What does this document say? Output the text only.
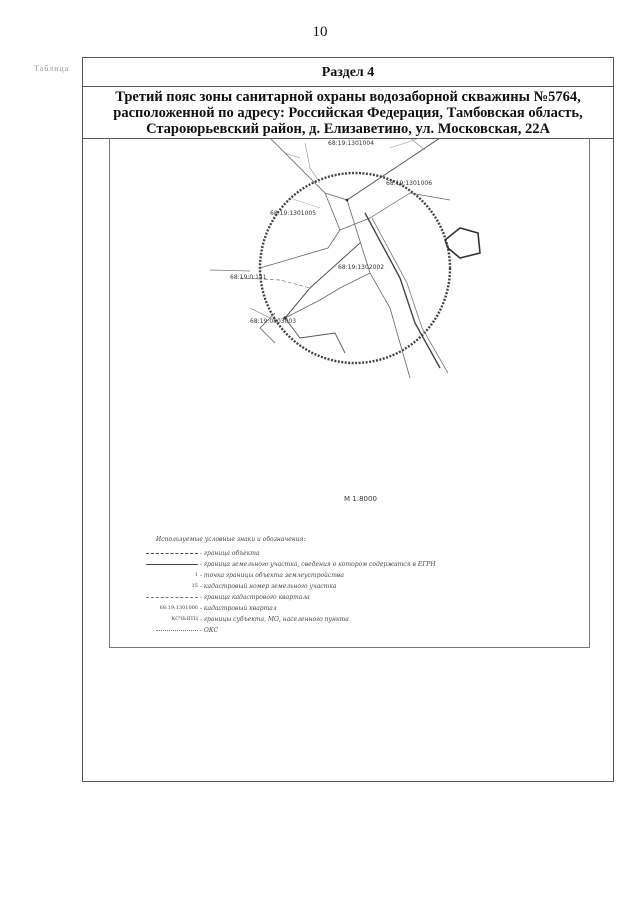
10
Таблица	Раздел 4
Третий пояс зоны санитарной охраны водозаборной скважины №5764,
расположенной по адресу: Российская Федерация, Тамбовская область,
Староюрьевский район, д. Елизаветино, ул. Московская, 22А
68:19:1301004
68:19:1301006
68:19:1301005
68:19:1302002
68:19:0:141
68:19:0803003
М 1:8000
Используемые условные знаки и обозначения:
- граница объекта
- граница земельного участка, сведения о котором содержатся в ЕГРН
1 - точка границы объекта землеустройства
15 - кадастровый номер земельного участка
- граница кадастрового квартала
68:19:1301006 - кадастровый квартал
КСЧЬЯТЦ - границы субъекта, МО, населенного пункта
- ОКС
